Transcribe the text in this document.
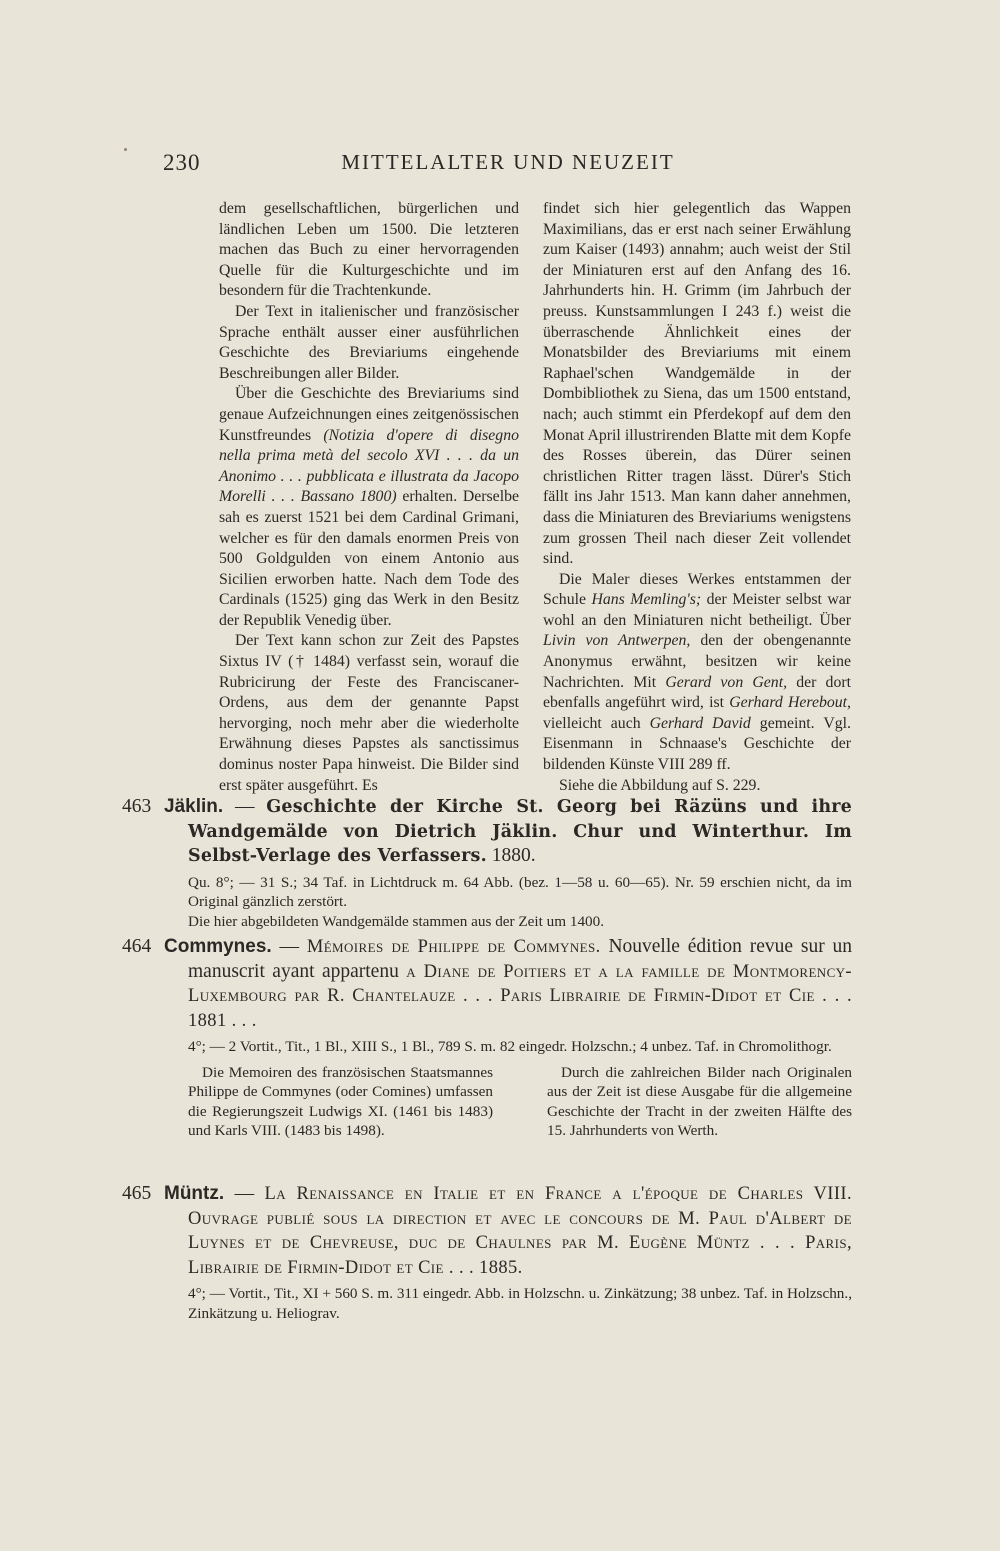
230	MITTELALTER UND NEUZEIT

dem gesellschaftlichen, bürgerlichen und ländlichen Leben um 1500. Die letzteren machen das Buch zu einer hervorragenden Quelle für die Kulturgeschichte und im besondern für die Trachtenkunde.

Der Text in italienischer und französischer Sprache enthält ausser einer ausführlichen Geschichte des Breviariums eingehende Beschreibungen aller Bilder.

Über die Geschichte des Breviariums sind genaue Aufzeichnungen eines zeitgenössischen Kunstfreundes (Notizia d'opere di disegno nella prima metà del secolo XVI . . . da un Anonimo . . . pubblicata e illustrata da Jacopo Morelli . . . Bassano 1800) erhalten. Derselbe sah es zuerst 1521 bei dem Cardinal Grimani, welcher es für den damals enormen Preis von 500 Goldgulden von einem Antonio aus Sicilien erworben hatte. Nach dem Tode des Cardinals (1525) ging das Werk in den Besitz der Republik Venedig über.

Der Text kann schon zur Zeit des Papstes Sixtus IV († 1484) verfasst sein, worauf die Rubricirung der Feste des Franciscaner-Ordens, aus dem der genannte Papst hervorging, noch mehr aber die wiederholte Erwähnung dieses Papstes als sanctissimus dominus noster Papa hinweist. Die Bilder sind erst später ausgeführt. Es

findet sich hier gelegentlich das Wappen Maximilians, das er erst nach seiner Erwählung zum Kaiser (1493) annahm; auch weist der Stil der Miniaturen erst auf den Anfang des 16. Jahrhunderts hin. H. Grimm (im Jahrbuch der preuss. Kunstsammlungen I 243 f.) weist die überraschende Ähnlichkeit eines der Monatsbilder des Breviariums mit einem Raphael'schen Wandgemälde in der Dombibliothek zu Siena, das um 1500 entstand, nach; auch stimmt ein Pferdekopf auf dem den Monat April illustrirenden Blatte mit dem Kopfe des Rosses überein, das Dürer seinen christlichen Ritter tragen lässt. Dürer's Stich fällt ins Jahr 1513. Man kann daher annehmen, dass die Miniaturen des Breviariums wenigstens zum grossen Theil nach dieser Zeit vollendet sind.

Die Maler dieses Werkes entstammen der Schule Hans Memling's; der Meister selbst war wohl an den Miniaturen nicht betheiligt. Über Livin von Antwerpen, den der obengenannte Anonymus erwähnt, besitzen wir keine Nachrichten. Mit Gerard von Gent, der dort ebenfalls angeführt wird, ist Gerhard Herebout, vielleicht auch Gerhard David gemeint. Vgl. Eisenmann in Schnaase's Geschichte der bildenden Künste VIII 289 ff.

Siehe die Abbildung auf S. 229.

463 Jäklin. — Geschichte der Kirche St. Georg bei Räzüns und ihre Wandgemälde von Dietrich Jäklin. Chur und Winterthur. Im Selbst-Verlage des Verfassers. 1880.

Qu. 8°; — 31 S.; 34 Taf. in Lichtdruck m. 64 Abb. (bez. 1—58 u. 60—65). Nr. 59 erschien nicht, da im Original gänzlich zerstört.

Die hier abgebildeten Wandgemälde stammen aus der Zeit um 1400.

464 Commynes. — Mémoires de Philippe de Commynes. Nouvelle édition revue sur un manuscrit ayant appartenu a Diane de Poitiers et a la famille de Montmorency-Luxembourg par R. Chantelauze . . . Paris Librairie de Firmin-Didot et Cie . . . 1881 . . .

4°; — 2 Vortit., Tit., 1 Bl., XIII S., 1 Bl., 789 S. m. 82 eingedr. Holzschn.; 4 unbez. Taf. in Chromolithogr.

Die Memoiren des französischen Staatsmannes Philippe de Commynes (oder Comines) umfassen die Regierungszeit Ludwigs XI. (1461 bis 1483) und Karls VIII. (1483 bis 1498).

Durch die zahlreichen Bilder nach Originalen aus der Zeit ist diese Ausgabe für die allgemeine Geschichte der Tracht in der zweiten Hälfte des 15. Jahrhunderts von Werth.

465 Müntz. — La Renaissance en Italie et en France a l'époque de Charles VIII. Ouvrage publié sous la direction et avec le concours de M. Paul d'Albert de Luynes et de Chevreuse, duc de Chaulnes par M. Eugène Müntz . . . Paris, Librairie de Firmin-Didot et Cie . . . 1885.

4°; — Vortit., Tit., XI + 560 S. m. 311 eingedr. Abb. in Holzschn. u. Zinkätzung; 38 unbez. Taf. in Holzschn., Zinkätzung u. Heliograv.
